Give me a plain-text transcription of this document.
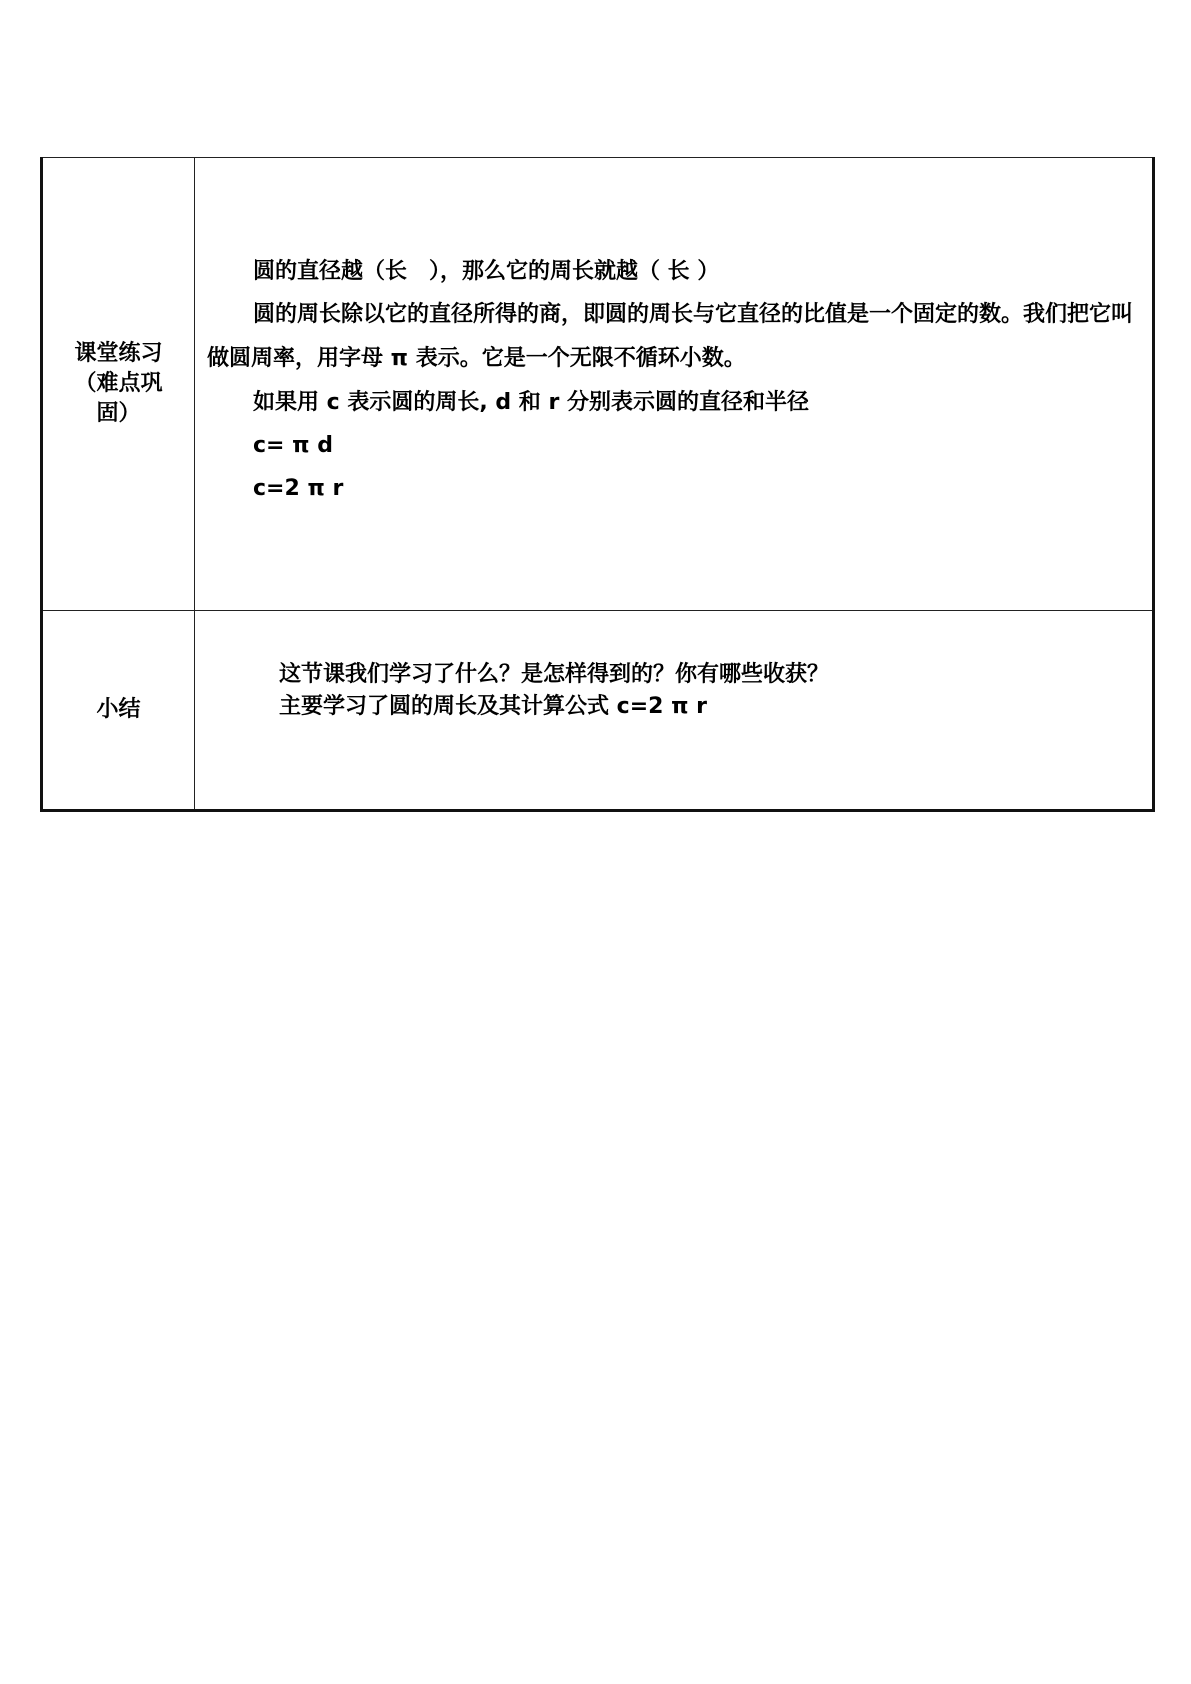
课堂练习
（难点巩
固）	圆的直径越（长　），那么它的周长就越（ 长 ）
圆的周长除以它的直径所得的商，即圆的周长与它直径的比值是一个固定的数。我们把它叫做圆周率，用字母 π 表示。它是一个无限不循环小数。
如果用 c 表示圆的周长, d 和 r 分别表示圆的直径和半径
c= π d
c=2 π r

小结	这节课我们学习了什么？是怎样得到的？你有哪些收获？
主要学习了圆的周长及其计算公式 c=2 π r
